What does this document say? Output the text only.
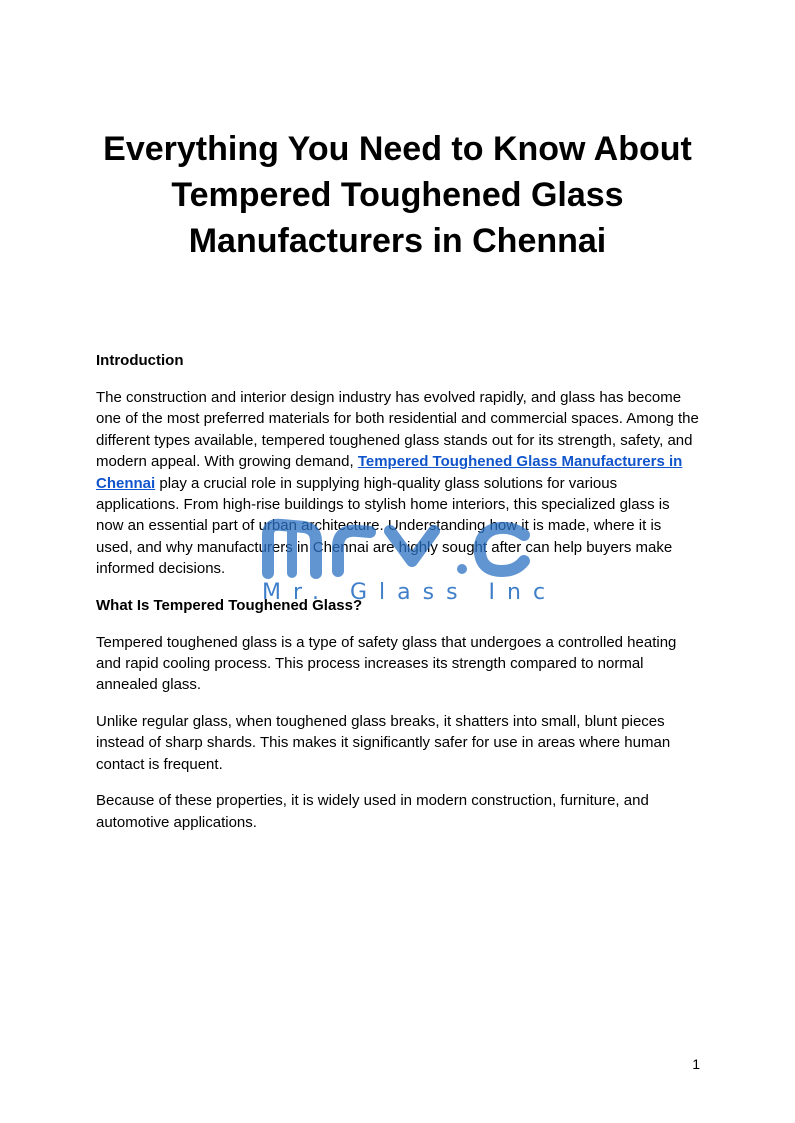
Everything You Need to Know About Tempered Toughened Glass Manufacturers in Chennai

Introduction

The construction and interior design industry has evolved rapidly, and glass has become one of the most preferred materials for both residential and commercial spaces. Among the different types available, tempered toughened glass stands out for its strength, safety, and modern appeal. With growing demand, Tempered Toughened Glass Manufacturers in Chennai play a crucial role in supplying high-quality glass solutions for various applications. From high-rise buildings to stylish home interiors, this specialized glass is now an essential part of urban architecture. Understanding how it is made, where it is used, and why manufacturers in Chennai are highly sought after can help buyers make informed decisions.

What Is Tempered Toughened Glass?

Tempered toughened glass is a type of safety glass that undergoes a controlled heating and rapid cooling process. This process increases its strength compared to normal annealed glass.

Unlike regular glass, when toughened glass breaks, it shatters into small, blunt pieces instead of sharp shards. This makes it significantly safer for use in areas where human contact is frequent.

Because of these properties, it is widely used in modern construction, furniture, and automotive applications.

Mr. Glass Inc
1
